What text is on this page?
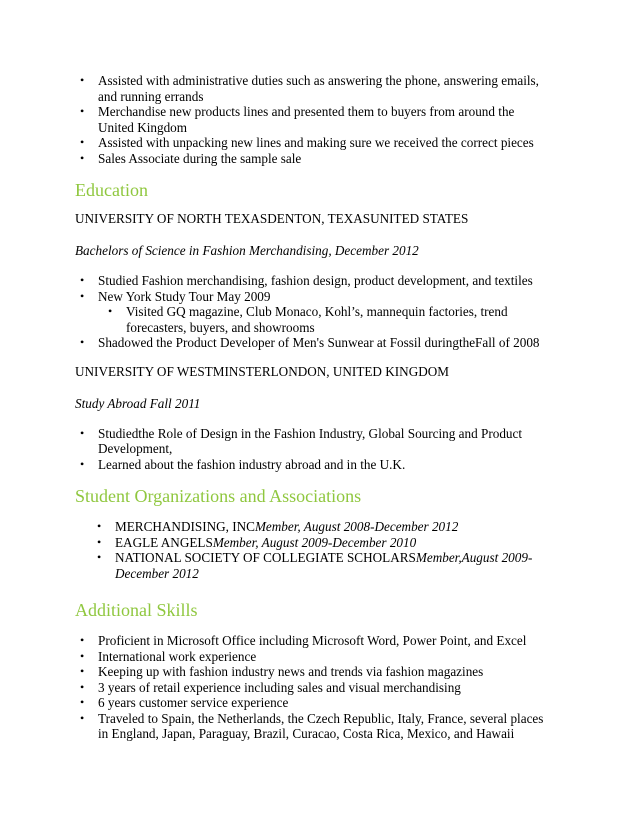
• Assisted with administrative duties such as answering the phone, answering emails, and running errands
• Merchandise new products lines and presented them to buyers from around the United Kingdom
• Assisted with unpacking new lines and making sure we received the correct pieces
• Sales Associate during the sample sale
Education

UNIVERSITY OF NORTH TEXASDENTON, TEXASUNITED STATES

Bachelors of Science in Fashion Merchandising, December 2012

• Studied Fashion merchandising, fashion design, product development, and textiles
• New York Study Tour May 2009
• Visited GQ magazine, Club Monaco, Kohl’s, mannequin factories, trend forecasters, buyers, and showrooms
• Shadowed the Product Developer of Men's Sunwear at Fossil duringtheFall of 2008

UNIVERSITY OF WESTMINSTERLONDON, UNITED KINGDOM

Study Abroad Fall 2011

• Studiedthe Role of Design in the Fashion Industry, Global Sourcing and Product Development,
• Learned about the fashion industry abroad and in the U.K.
Student Organizations and Associations
• MERCHANDISING, INCMember, August 2008-December 2012
• EAGLE ANGELSMember, August 2009-December 2010
• NATIONAL SOCIETY OF COLLEGIATE SCHOLARSMember,August 2009-December 2012
Additional Skills
• Proficient in Microsoft Office including Microsoft Word, Power Point, and Excel
• International work experience
• Keeping up with fashion industry news and trends via fashion magazines
• 3 years of retail experience including sales and visual merchandising
• 6 years customer service experience
• Traveled to Spain, the Netherlands, the Czech Republic, Italy, France, several places in England, Japan, Paraguay, Brazil, Curacao, Costa Rica, Mexico, and Hawaii
